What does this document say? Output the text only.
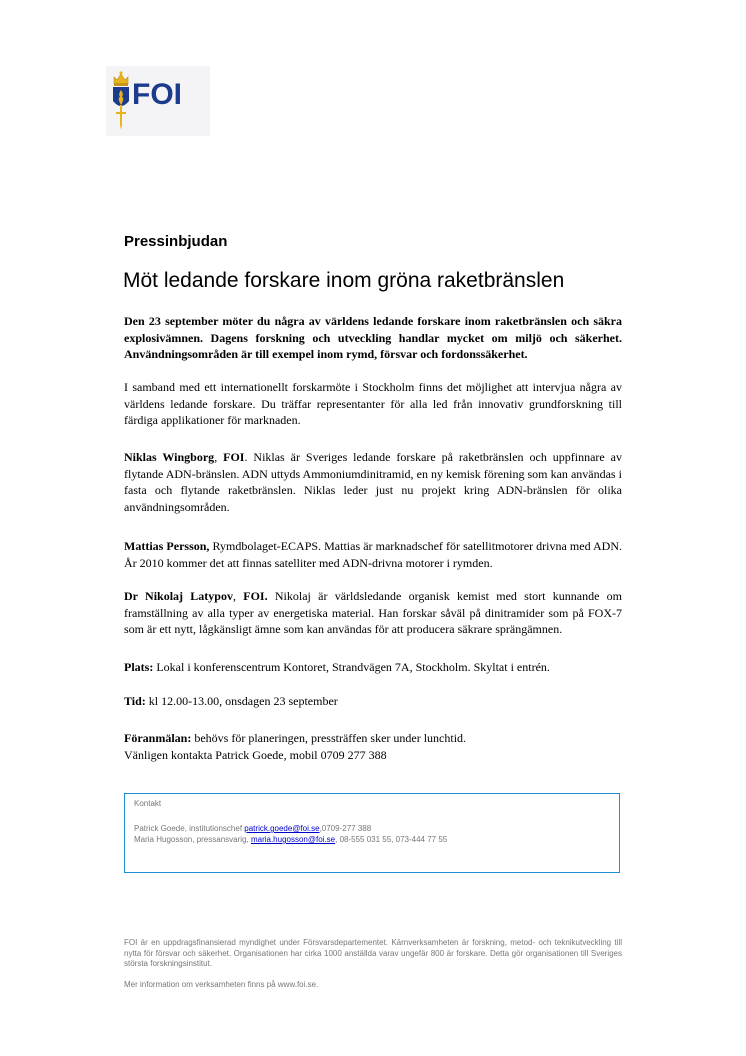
FOI
Pressinbjudan
Möt ledande forskare inom gröna raketbränslen

Den 23 september möter du några av världens ledande forskare inom raketbränslen och säkra explosivämnen. Dagens forskning och utveckling handlar mycket om miljö och säkerhet. Användningsområden är till exempel inom rymd, försvar och fordonssäkerhet.

I samband med ett internationellt forskarmöte i Stockholm finns det möjlighet att intervjua några av världens ledande forskare. Du träffar representanter för alla led från innovativ grundforskning till färdiga applikationer för marknaden.

Niklas Wingborg, FOI. Niklas är Sveriges ledande forskare på raketbränslen och uppfinnare av flytande ADN-bränslen. ADN uttyds Ammoniumdinitramid, en ny kemisk förening som kan användas i fasta och flytande raketbränslen. Niklas leder just nu projekt kring ADN-bränslen för olika användningsområden.

Mattias Persson, Rymdbolaget-ECAPS. Mattias är marknadschef för satellitmotorer drivna med ADN. År 2010 kommer det att finnas satelliter med ADN-drivna motorer i rymden.

Dr Nikolaj Latypov, FOI. Nikolaj är världsledande organisk kemist med stort kunnande om framställning av alla typer av energetiska material. Han forskar såväl på dinitramider som på FOX-7 som är ett nytt, lågkänsligt ämne som kan användas för att producera säkrare sprängämnen.

Plats: Lokal i konferenscentrum Kontoret, Strandvägen 7A, Stockholm. Skyltat i entrén.

Tid: kl 12.00-13.00, onsdagen 23 september

Föranmälan: behövs för planeringen, pressträffen sker under lunchtid.
Vänligen kontakta Patrick Goede, mobil 0709 277 388

Kontakt
Patrick Goede, institutionschef patrick.goede@foi.se,0709-277 388
Maria Hugosson, pressansvarig, maria.hugosson@foi.se, 08-555 031 55, 073-444 77 55

FOI är en uppdragsfinansierad myndighet under Försvarsdepartementet. Kärnverksamheten är forskning, metod- och teknikutveckling till nytta för försvar och säkerhet. Organisationen har cirka 1000 anställda varav ungefär 800 är forskare. Detta gör organisationen till Sveriges största forskningsinstitut.

Mer information om verksamheten finns på www.foi.se.
